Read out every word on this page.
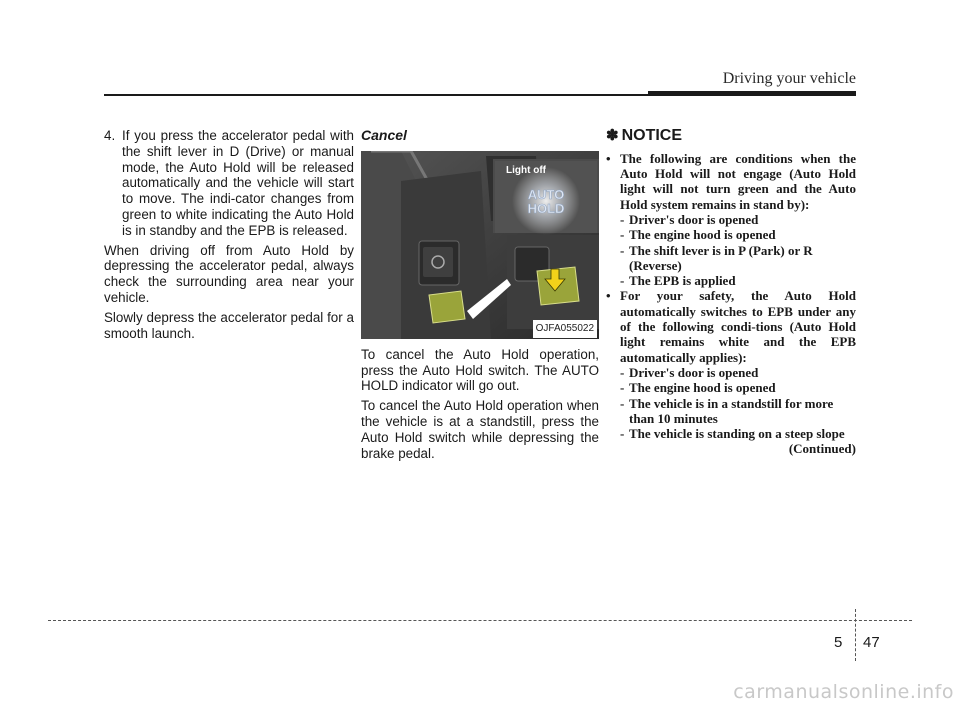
Driving your vehicle
4. If you press the accelerator pedal with the shift lever in D (Drive) or manual mode, the Auto Hold will be released automatically and the vehicle will start to move. The indi-cator changes from green to white indicating the Auto Hold is in standby and the EPB is released.

When driving off from Auto Hold by depressing the accelerator pedal, always check the surrounding area near your vehicle.

Slowly depress the accelerator pedal for a smooth launch.

Cancel
Light off
AUTO
HOLD
OJFA055022

To cancel the Auto Hold operation, press the Auto Hold switch. The AUTO HOLD indicator will go out.

To cancel the Auto Hold operation when the vehicle is at a standstill, press the Auto Hold switch while depressing the brake pedal.

✽ NOTICE
• The following are conditions when the Auto Hold will not engage (Auto Hold light will not turn green and the Auto Hold system remains in stand by):
- Driver's door is opened
- The engine hood is opened
- The shift lever is in P (Park) or R (Reverse)
- The EPB is applied
• For your safety, the Auto Hold automatically switches to EPB under any of the following condi-tions (Auto Hold light remains white and the EPB automatically applies):
- Driver's door is opened
- The engine hood is opened
- The vehicle is in a standstill for more than 10 minutes
- The vehicle is standing on a steep slope
(Continued)
5 47
carmanualsonline.info
